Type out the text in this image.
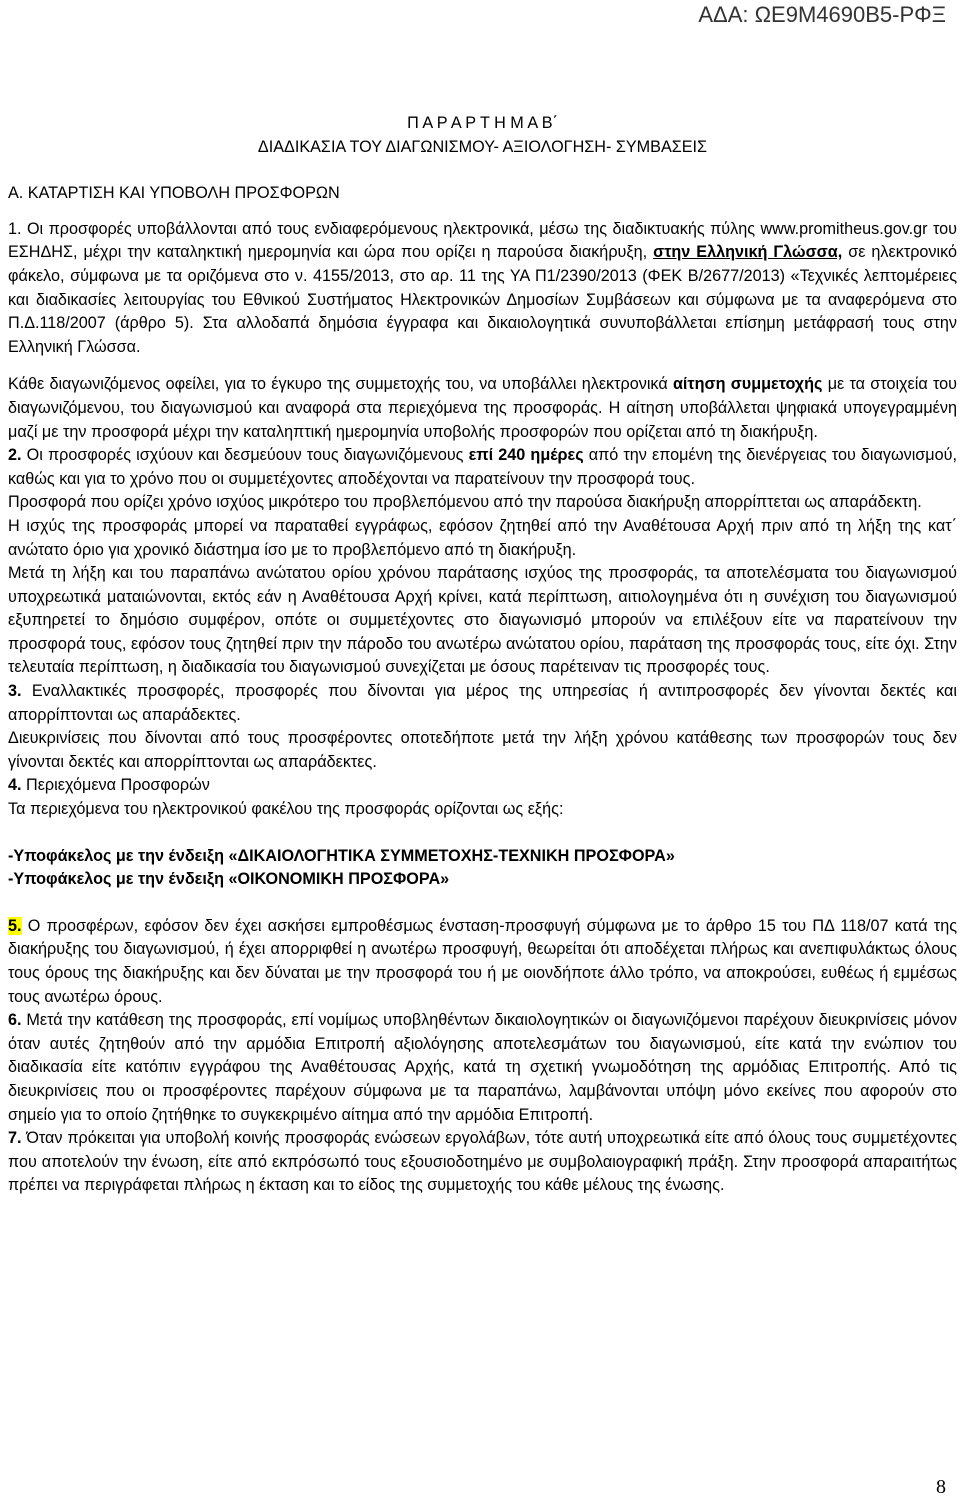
ΑΔΑ: ΩΕ9Μ4690Β5-ΡΦΞ
Π Α Ρ Α Ρ Τ Η Μ Α Β΄
ΔΙΑΔΙΚΑΣΙΑ ΤΟΥ ΔΙΑΓΩΝΙΣΜΟΥ- ΑΞΙΟΛΟΓΗΣΗ- ΣΥΜΒΑΣΕΙΣ
Α. ΚΑΤΑΡΤΙΣΗ ΚΑΙ ΥΠΟΒΟΛΗ ΠΡΟΣΦΟΡΩΝ

1. Οι προσφορές υποβάλλονται από τους ενδιαφερόμενους ηλεκτρονικά, μέσω της διαδικτυακής πύλης www.promitheus.gov.gr του ΕΣΗΔΗΣ, μέχρι την καταληκτική ημερομηνία και ώρα που ορίζει η παρούσα διακήρυξη, στην Ελληνική Γλώσσα, σε ηλεκτρονικό φάκελο, σύμφωνα με τα οριζόμενα στο ν. 4155/2013, στο αρ. 11 της ΥΑ Π1/2390/2013 (ΦΕΚ Β/2677/2013) «Τεχνικές λεπτομέρειες και διαδικασίες λειτουργίας του Εθνικού Συστήματος Ηλεκτρονικών Δημοσίων Συμβάσεων και σύμφωνα με τα αναφερόμενα στο Π.Δ.118/2007 (άρθρο 5). Στα αλλοδαπά δημόσια έγγραφα και δικαιολογητικά συνυποβάλλεται επίσημη μετάφρασή τους στην Ελληνική Γλώσσα.

Κάθε διαγωνιζόμενος οφείλει, για το έγκυρο της συμμετοχής του, να υποβάλλει ηλεκτρονικά αίτηση συμμετοχής με τα στοιχεία του διαγωνιζόμενου, του διαγωνισμού και αναφορά στα περιεχόμενα της προσφοράς. Η αίτηση υποβάλλεται ψηφιακά υπογεγραμμένη μαζί με την προσφορά μέχρι την καταληπτική ημερομηνία υποβολής προσφορών που ορίζεται από τη διακήρυξη.

2. Οι προσφορές ισχύουν και δεσμεύουν τους διαγωνιζόμενους επί 240 ημέρες από την επομένη της διενέργειας του διαγωνισμού, καθώς και για το χρόνο που οι συμμετέχοντες αποδέχονται να παρατείνουν την προσφορά τους.

Προσφορά που ορίζει χρόνο ισχύος μικρότερο του προβλεπόμενου από την παρούσα διακήρυξη απορρίπτεται ως απαράδεκτη.

Η ισχύς της προσφοράς μπορεί να παραταθεί εγγράφως, εφόσον ζητηθεί από την Αναθέτουσα Αρχή πριν από τη λήξη της κατ΄ ανώτατο όριο για χρονικό διάστημα ίσο με το προβλεπόμενο από τη διακήρυξη.

Μετά τη λήξη και του παραπάνω ανώτατου ορίου χρόνου παράτασης ισχύος της προσφοράς, τα αποτελέσματα του διαγωνισμού υποχρεωτικά ματαιώνονται, εκτός εάν η Αναθέτουσα Αρχή κρίνει, κατά περίπτωση, αιτιολογημένα ότι η συνέχιση του διαγωνισμού εξυπηρετεί το δημόσιο συμφέρον, οπότε οι συμμετέχοντες στο διαγωνισμό μπορούν να επιλέξουν είτε να παρατείνουν την προσφορά τους, εφόσον τους ζητηθεί πριν την πάροδο του ανωτέρω ανώτατου ορίου, παράταση της προσφοράς τους, είτε όχι. Στην τελευταία περίπτωση, η διαδικασία του διαγωνισμού συνεχίζεται με όσους παρέτειναν τις προσφορές τους.

3. Εναλλακτικές προσφορές, προσφορές που δίνονται για μέρος της υπηρεσίας ή αντιπροσφορές δεν γίνονται δεκτές και απορρίπτονται ως απαράδεκτες.

Διευκρινίσεις που δίνονται από τους προσφέροντες οποτεδήποτε μετά την λήξη χρόνου κατάθεσης των προσφορών τους δεν γίνονται δεκτές και απορρίπτονται ως απαράδεκτες.

4. Περιεχόμενα Προσφορών

Τα περιεχόμενα του ηλεκτρονικού φακέλου της προσφοράς ορίζονται ως εξής:

-Υποφάκελος με την ένδειξη «ΔΙΚΑΙΟΛΟΓΗΤΙΚΑ ΣΥΜΜΕΤΟΧΗΣ-ΤΕΧΝΙΚΗ ΠΡΟΣΦΟΡΑ»
-Υποφάκελος με την ένδειξη «ΟΙΚΟΝΟΜΙΚΗ ΠΡΟΣΦΟΡΑ»

5. Ο προσφέρων, εφόσον δεν έχει ασκήσει εμπροθέσμως ένσταση-προσφυγή σύμφωνα με το άρθρο 15 του ΠΔ 118/07 κατά της διακήρυξης του διαγωνισμού, ή έχει απορριφθεί η ανωτέρω προσφυγή, θεωρείται ότι αποδέχεται πλήρως και ανεπιφυλάκτως όλους τους όρους της διακήρυξης και δεν δύναται με την προσφορά του ή με οιονδήποτε άλλο τρόπο, να αποκρούσει, ευθέως ή εμμέσως τους ανωτέρω όρους.

6. Μετά την κατάθεση της προσφοράς, επί νομίμως υποβληθέντων δικαιολογητικών οι διαγωνιζόμενοι παρέχουν διευκρινίσεις μόνον όταν αυτές ζητηθούν από την αρμόδια Επιτροπή αξιολόγησης αποτελεσμάτων του διαγωνισμού, είτε κατά την ενώπιον του διαδικασία είτε κατόπιν εγγράφου της Αναθέτουσας Αρχής, κατά τη σχετική γνωμοδότηση της αρμόδιας Επιτροπής. Από τις διευκρινίσεις που οι προσφέροντες παρέχουν σύμφωνα με τα παραπάνω, λαμβάνονται υπόψη μόνο εκείνες που αφορούν στο σημείο για το οποίο ζητήθηκε το συγκεκριμένο αίτημα από την αρμόδια Επιτροπή.

7. Όταν πρόκειται για υποβολή κοινής προσφοράς ενώσεων εργολάβων, τότε αυτή υποχρεωτικά είτε από όλους τους συμμετέχοντες που αποτελούν την ένωση, είτε από εκπρόσωπό τους εξουσιοδοτημένο με συμβολαιογραφική πράξη. Στην προσφορά απαραιτήτως πρέπει να περιγράφεται πλήρως η έκταση και το είδος της συμμετοχής του κάθε μέλους της ένωσης.

8
